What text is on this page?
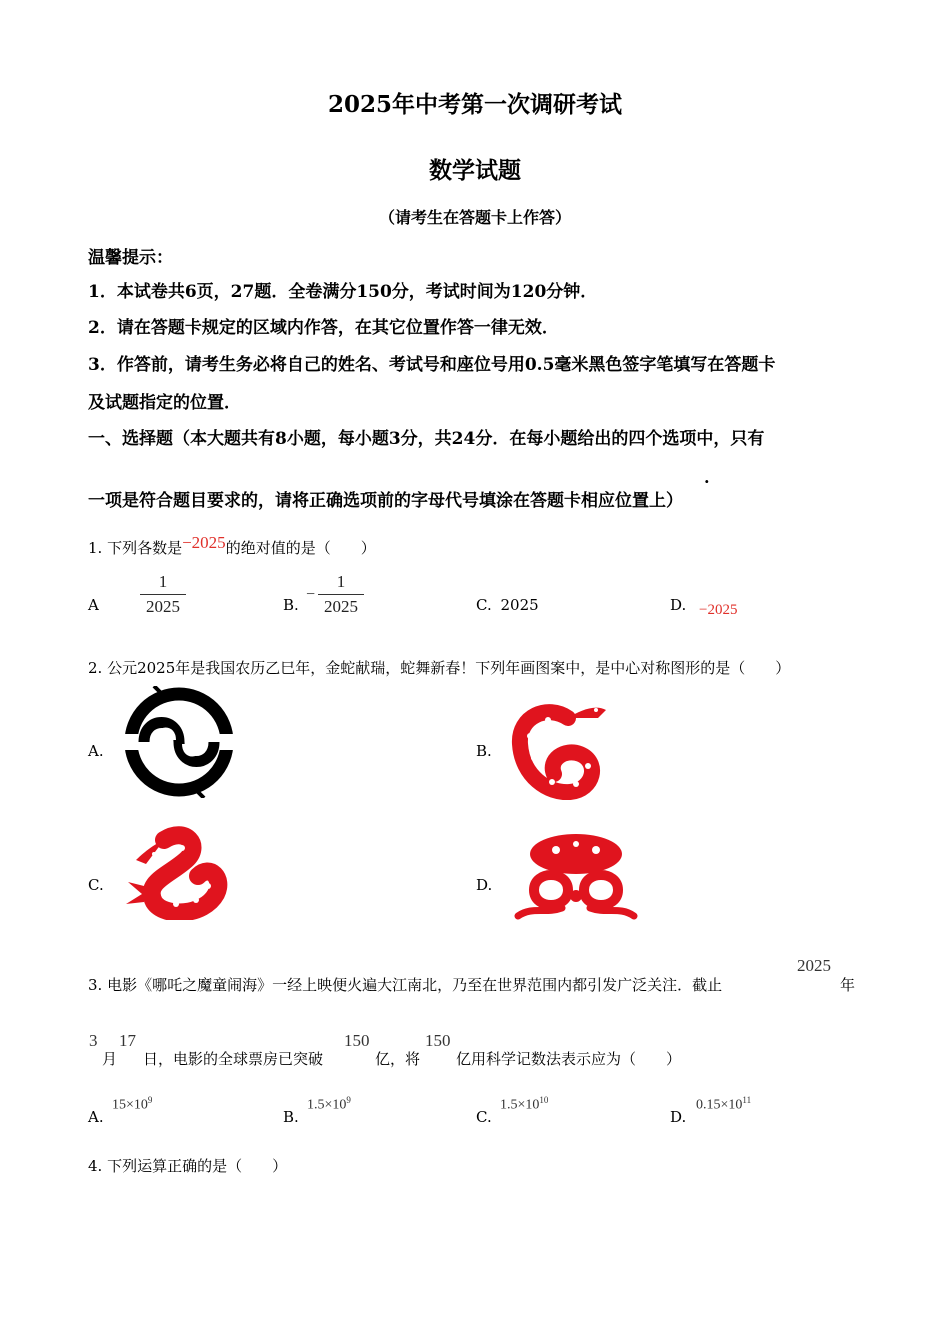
2025年中考第一次调研考试
数学试题
（请考生在答题卡上作答）
温馨提示：
1．本试卷共6页，27题．全卷满分150分，考试时间为120分钟．
2．请在答题卡规定的区域内作答，在其它位置作答一律无效．
3．作答前，请考生务必将自己的姓名、考试号和座位号用0.5毫米黑色签字笔填写在答题卡
及试题指定的位置．
一、选择题（本大题共有8小题，每小题3分，共24分．在每小题给出的四个选项中，只有
一项是符合题目要求的，请将正确选项前的字母代号填涂在答题卡相应位置上）
.
1. 下列各数是−2025的绝对值的是（　　）
A
1
2025	B.
−
1
2025	C. 2025	D. −2025
2. 公元2025年是我国农历乙巳年，金蛇献瑞，蛇舞新春！下列年画图案中，是中心对称图形的是（　　）
A.	B.
C.	D.
3. 电影《哪吒之魔童闹海》一经上映便火遍大江南北，乃至在世界范围内都引发广泛关注．截止
2025
年
3
月
17
日，电影的全球票房已突破
150
亿，将
150
亿用科学记数法表示应为（　　）
A.
$15\times 10^9$
B.
$1.5\times 10^9$
C.
$1.5\times 10^{10}$
D.
$0.15\times 10^{11}$
4. 下列运算正确的是（　　）
